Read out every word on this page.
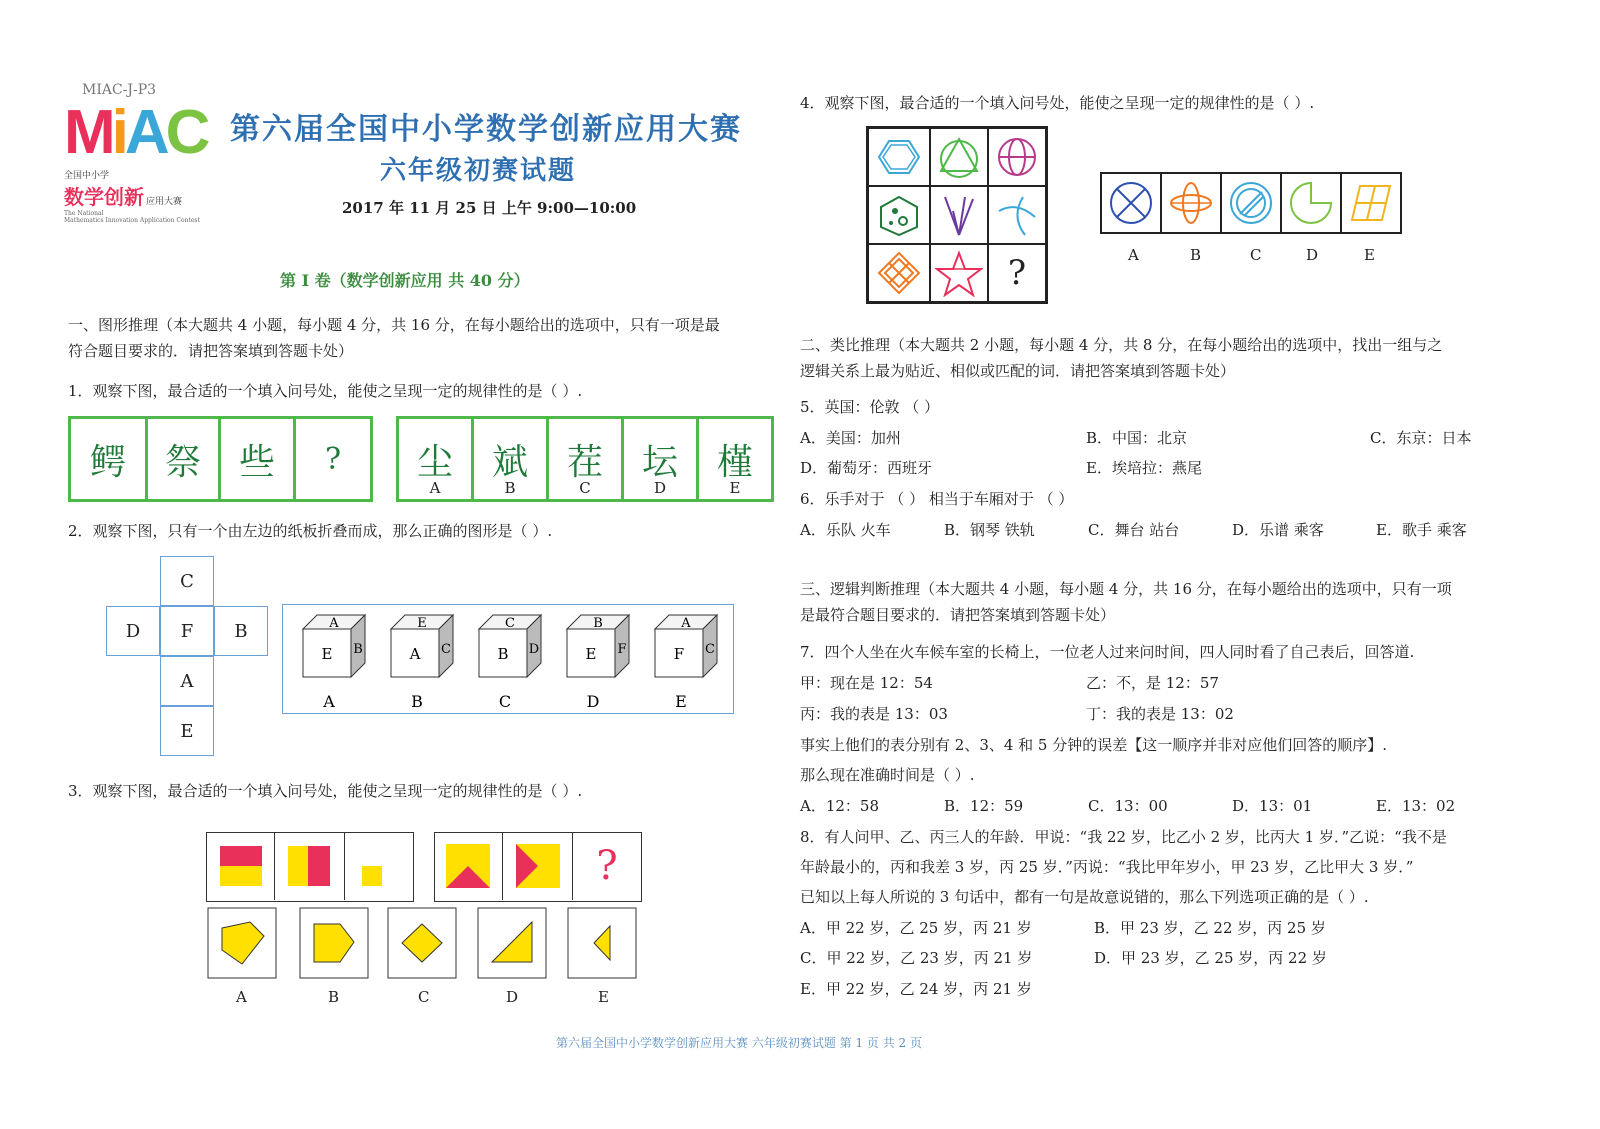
MIAC-J-P3
MiAC
全国中小学
数学创新 应用大赛
The National
Mathematics Innovation Application Contest
第六届全国中小学数学创新应用大赛
六年级初赛试题
2017 年 11 月 25 日 上午 9:00—10:00
第 I 卷（数学创新应用 共 40 分）
一、图形推理（本大题共 4 小题，每小题 4 分，共 16 分，在每小题给出的选项中，只有一项是最
符合题目要求的．请把答案填到答题卡处）
1．观察下图，最合适的一个填入问号处，能使之呈现一定的规律性的是（ ）.
鳄	祭	些	?	尘
A
斌
B
茬
C
坛
D
槿
E
2．观察下图，只有一个由左边的纸板折叠而成，那么正确的图形是（ ）.
C
D	F	B
A
E
A
E B
A
E
A C
B
C
B D
C
B
E F
D
A
F C
E
3．观察下图，最合适的一个填入问号处，能使之呈现一定的规律性的是（ ）.
?
A	B	C	D	E
4．观察下图，最合适的一个填入问号处，能使之呈现一定的规律性的是（ ）.
?	A	B	C	D	E
二、类比推理（本大题共 2 小题，每小题 4 分，共 8 分，在每小题给出的选项中，找出一组与之
逻辑关系上最为贴近、相似或匹配的词．请把答案填到答题卡处）
5．英国：伦敦 （ ）
A．美国：加州	B．中国：北京	C．东京：日本
D．葡萄牙：西班牙	E．埃培拉：燕尾
6．乐手对于 （ ） 相当于车厢对于 （ ）
A．乐队 火车	B．钢琴 铁轨	C．舞台 站台	D．乐谱 乘客	E．歌手 乘客
三、逻辑判断推理（本大题共 4 小题，每小题 4 分，共 16 分，在每小题给出的选项中，只有一项
是最符合题目要求的．请把答案填到答题卡处）
7．四个人坐在火车候车室的长椅上，一位老人过来问时间，四人同时看了自己表后，回答道.
甲：现在是 12：54	乙：不，是 12：57
丙：我的表是 13：03	丁：我的表是 13：02
事实上他们的表分别有 2、3、4 和 5 分钟的误差【这一顺序并非对应他们回答的顺序】.
那么现在准确时间是（ ）.
A．12：58	B．12：59	C．13：00	D．13：01	E．13：02
8．有人问甲、乙、丙三人的年龄．甲说：“我 22 岁，比乙小 2 岁，比丙大 1 岁．”乙说：“我不是
年龄最小的，丙和我差 3 岁，丙 25 岁．”丙说：“我比甲年岁小，甲 23 岁，乙比甲大 3 岁．”
已知以上每人所说的 3 句话中，都有一句是故意说错的，那么下列选项正确的是（ ）.
A．甲 22 岁，乙 25 岁，丙 21 岁	B．甲 23 岁，乙 22 岁，丙 25 岁
C．甲 22 岁，乙 23 岁，丙 21 岁	D．甲 23 岁，乙 25 岁，丙 22 岁
E．甲 22 岁，乙 24 岁，丙 21 岁
第六届全国中小学数学创新应用大赛 六年级初赛试题 第 1 页 共 2 页
